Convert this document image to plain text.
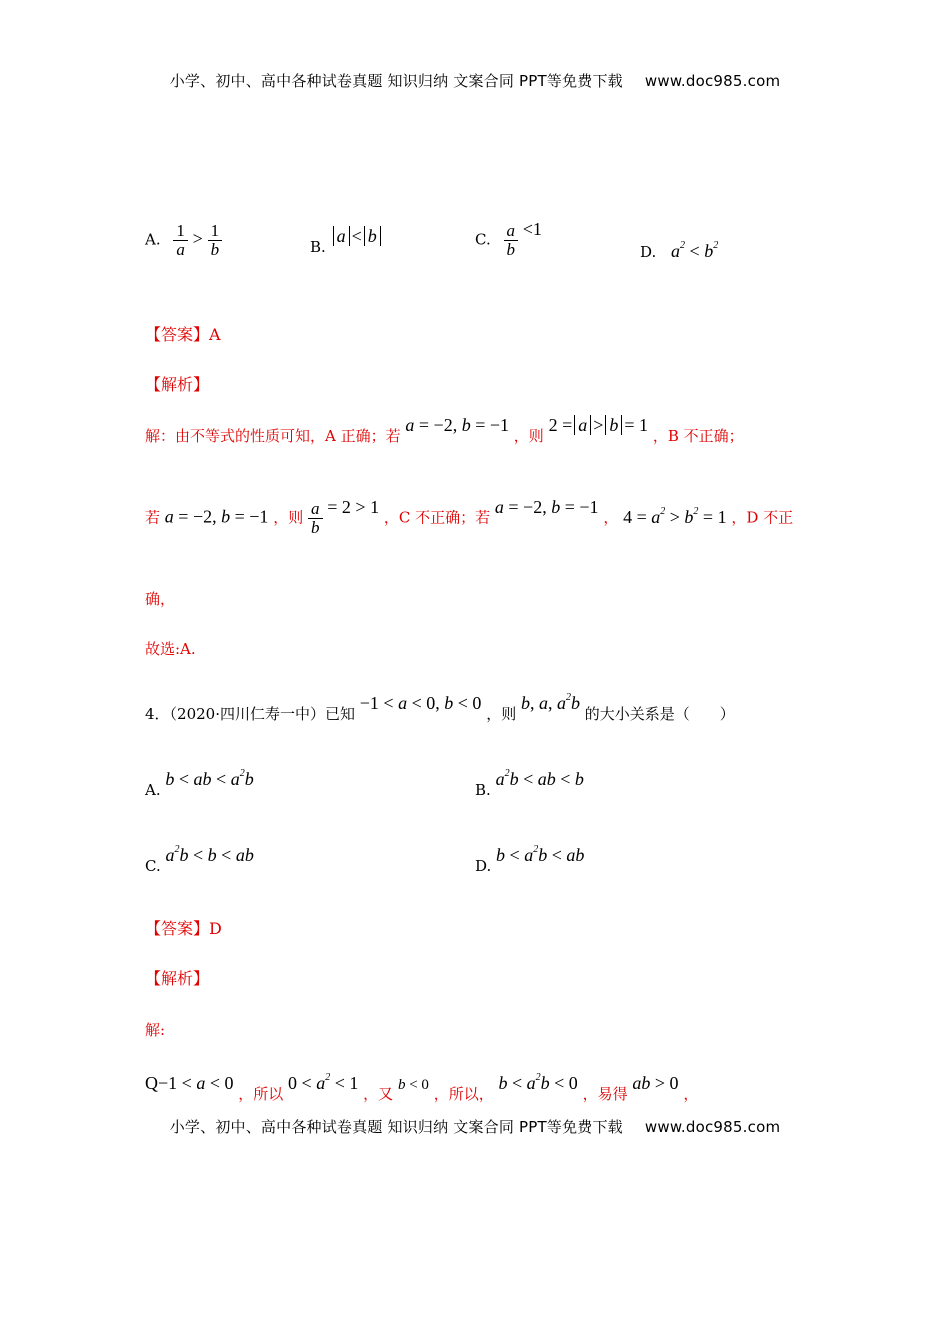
小学、初中、高中各种试卷真题 知识归纳 文案合同 PPT等免费下载 www.doc985.com
A. $\frac{1}{a} > \frac{1}{b}$	B. a < b	C. $\frac{a}{b} <1$
D. $a^2 < b^2$
【答案】A
【解析】
解：由不等式的性质可知，A 正确；若 a = −2, b = −1 ，则 2 = a > b = 1 ，B 不正确；
若 a = −2, b = −1 ，则 $\frac{a}{b} = 2 > 1$ ，C 不正确；若 a = −2, b = −1 ， $4 = a^2 > b^2 = 1$ ，D 不正
确，
故选:A.
4．（2020·四川仁寿一中）已知 −1 < a < 0, b < 0 ，则 b, a, $a^2b$ 的大小关系是（　　）
A. b < ab < $a^2b$
B. $a^2b$ < ab < b
C. $a^2b < b$ < ab
D. $b < a^2b$ < ab
【答案】D
【解析】
解:
Q−1 < a < 0 ，所以 $0 < a^2 < 1$ ，又 b < 0 ，所以， $b < a^2b < 0$ ，易得 ab > 0 ，
小学、初中、高中各种试卷真题 知识归纳 文案合同 PPT等免费下载 www.doc985.com
